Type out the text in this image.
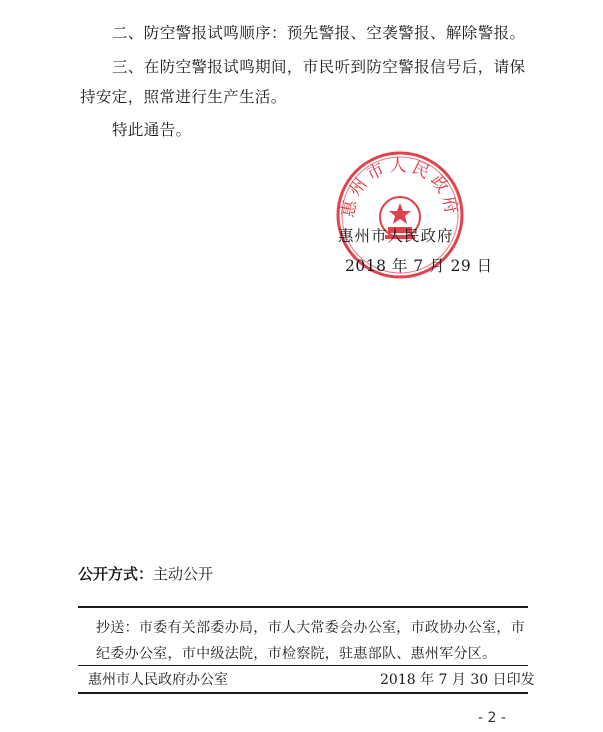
二、防空警报试鸣顺序：预先警报、空袭警报、解除警报。
三、在防空警报试鸣期间，市民听到防空警报信号后，请保持安定，照常进行生产生活。
特此通告。
惠州市人民政府
惠州市人民政府
2018 年 7 月 29 日
公开方式：主动公开
抄送：市委有关部委办局，市人大常委会办公室，市政协办公室，市
纪委办公室，市中级法院，市检察院，驻惠部队、惠州军分区。
惠州市人民政府办公室	2018 年 7 月 30 日印发
- 2 -
